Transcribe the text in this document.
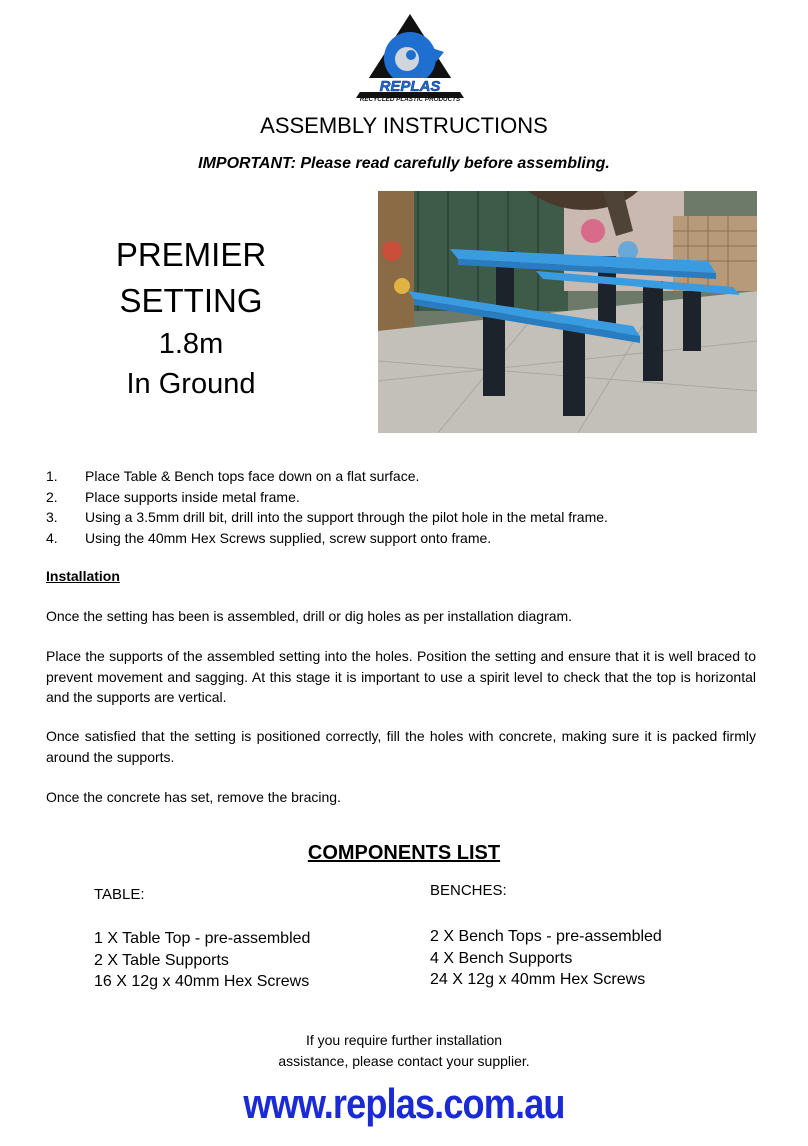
REPLAS
RECYCLED PLASTIC PRODUCTS
ASSEMBLY INSTRUCTIONS
IMPORTANT: Please read carefully before assembling.
PREMIER
SETTING
1.8m
In Ground
1. Place Table & Bench tops face down on a flat surface.
2. Place supports inside metal frame.
3. Using a 3.5mm drill bit, drill into the support through the pilot hole in the metal frame.
4. Using the 40mm Hex Screws supplied, screw support onto frame.
Installation
Once the setting has been is assembled, drill or dig holes as per installation diagram.
Place the supports of the assembled setting into the holes. Position the setting and ensure that it is well braced to prevent movement and sagging. At this stage it is important to use a spirit level to check that the top is horizontal and the supports are vertical.
Once satisfied that the setting is positioned correctly, fill the holes with concrete, making sure it is packed firmly around the supports.
Once the concrete has set, remove the bracing.
COMPONENTS LIST
TABLE:
1 X Table Top - pre-assembled
2 X Table Supports
16 X 12g x 40mm Hex Screws
BENCHES:
2 X Bench Tops - pre-assembled
4 X Bench Supports
24 X 12g x 40mm Hex Screws
If you require further installation
assistance, please contact your supplier.
www.replas.com.au
